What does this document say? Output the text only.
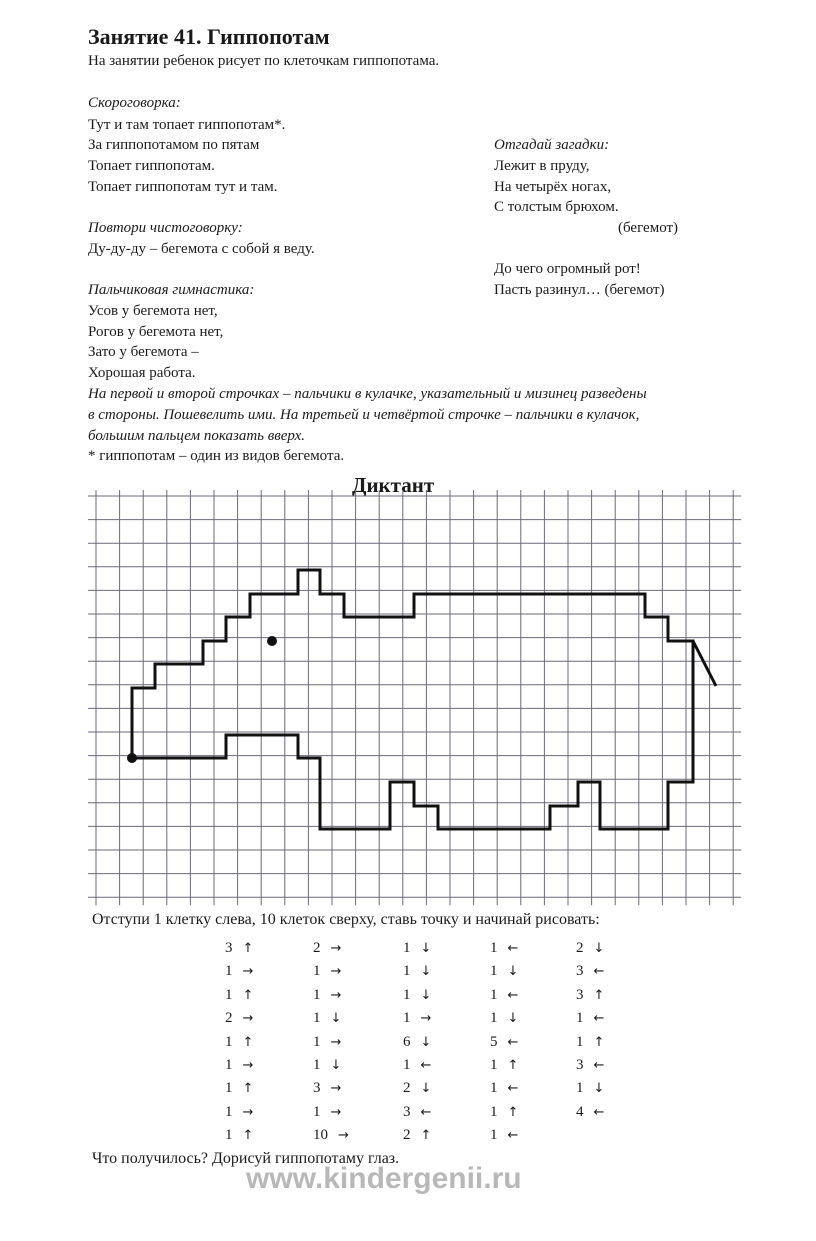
Занятие 41. Гиппопотам
На занятии ребенок рисует по клеточкам гиппопотама.
Скороговорка:
Тут и там топает гиппопотам*.
За гиппопотамом по пятам
Топает гиппопотам.
Топает гиппопотам тут и там.
Отгадай загадки:
Лежит в пруду,
На четырёх ногах,
С толстым брюхом.
(бегемот)
До чего огромный рот!
Пасть разинул… (бегемот)
Повтори чистоговорку:
Ду-ду-ду – бегемота с собой я веду.
Пальчиковая гимнастика:
Усов у бегемота нет,
Рогов у бегемота нет,
Зато у бегемота –
Хорошая работа.
На первой и второй строчках – пальчики в кулачке, указательный и мизинец разведены
в стороны. Пошевелить ими. На третьей и четвёртой строчке – пальчики в кулачок,
большим пальцем показать вверх.
* гиппопотам – один из видов бегемота.
Диктант
Отступи 1 клетку слева, 10 клеток сверху, ставь точку и начинай рисовать:
3 ↑
1 →
1 ↑
2 →
1 ↑
1 →
1 ↑
1 →
1 ↑
2 →
1 →
1 →
1 ↓
1 →
1 ↓
3 →
1 →
10 →
1 ↓
1 ↓
1 ↓
1 →
6 ↓
1 ←
2 ↓
3 ←
2 ↑
1 ←
1 ↓
1 ←
1 ↓
5 ←
1 ↑
1 ←
1 ↑
1 ←
2 ↓
3 ←
3 ↑
1 ←
1 ↑
3 ←
1 ↓
4 ←
Что получилось? Дорисуй гиппопотаму глаз.
www.kindergenii.ru
